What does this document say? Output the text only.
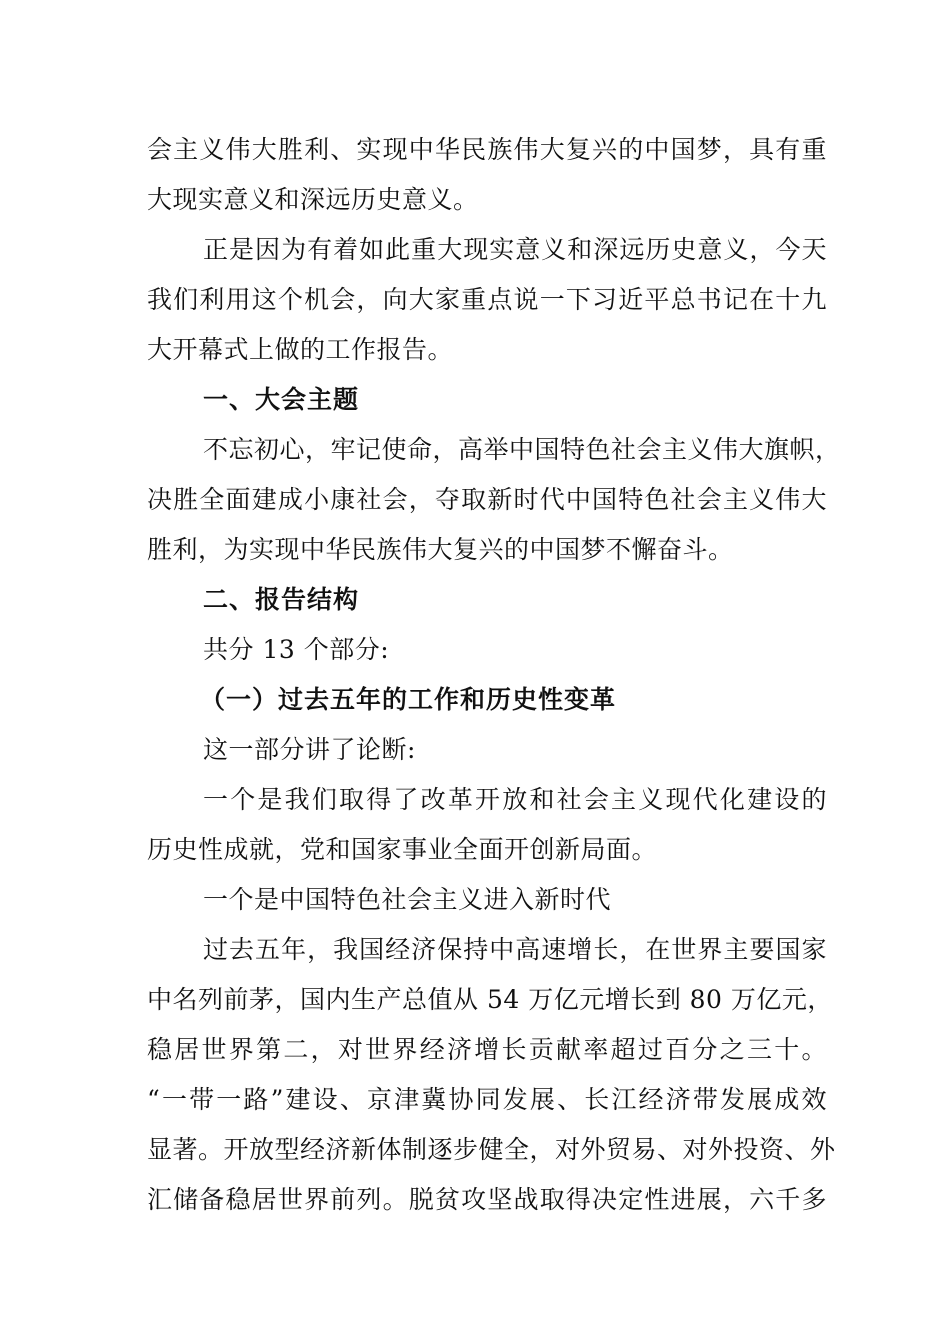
会主义伟大胜利、实现中华民族伟大复兴的中国梦，具有重
大现实意义和深远历史意义。
正是因为有着如此重大现实意义和深远历史意义，今天
我们利用这个机会，向大家重点说一下习近平总书记在十九
大开幕式上做的工作报告。
一、大会主题
不忘初心，牢记使命，高举中国特色社会主义伟大旗帜，
决胜全面建成小康社会，夺取新时代中国特色社会主义伟大
胜利，为实现中华民族伟大复兴的中国梦不懈奋斗。
二、报告结构
共分 13 个部分:
（一）过去五年的工作和历史性变革
这一部分讲了论断:
一个是我们取得了改革开放和社会主义现代化建设的
历史性成就，党和国家事业全面开创新局面。
一个是中国特色社会主义进入新时代
过去五年，我国经济保持中高速增长，在世界主要国家
中名列前茅，国内生产总值从 54 万亿元增长到 80 万亿元，
稳居世界第二，对世界经济增长贡献率超过百分之三十。
“一带一路”建设、京津冀协同发展、长江经济带发展成效
显著。开放型经济新体制逐步健全，对外贸易、对外投资、外
汇储备稳居世界前列。脱贫攻坚战取得决定性进展，六千多
